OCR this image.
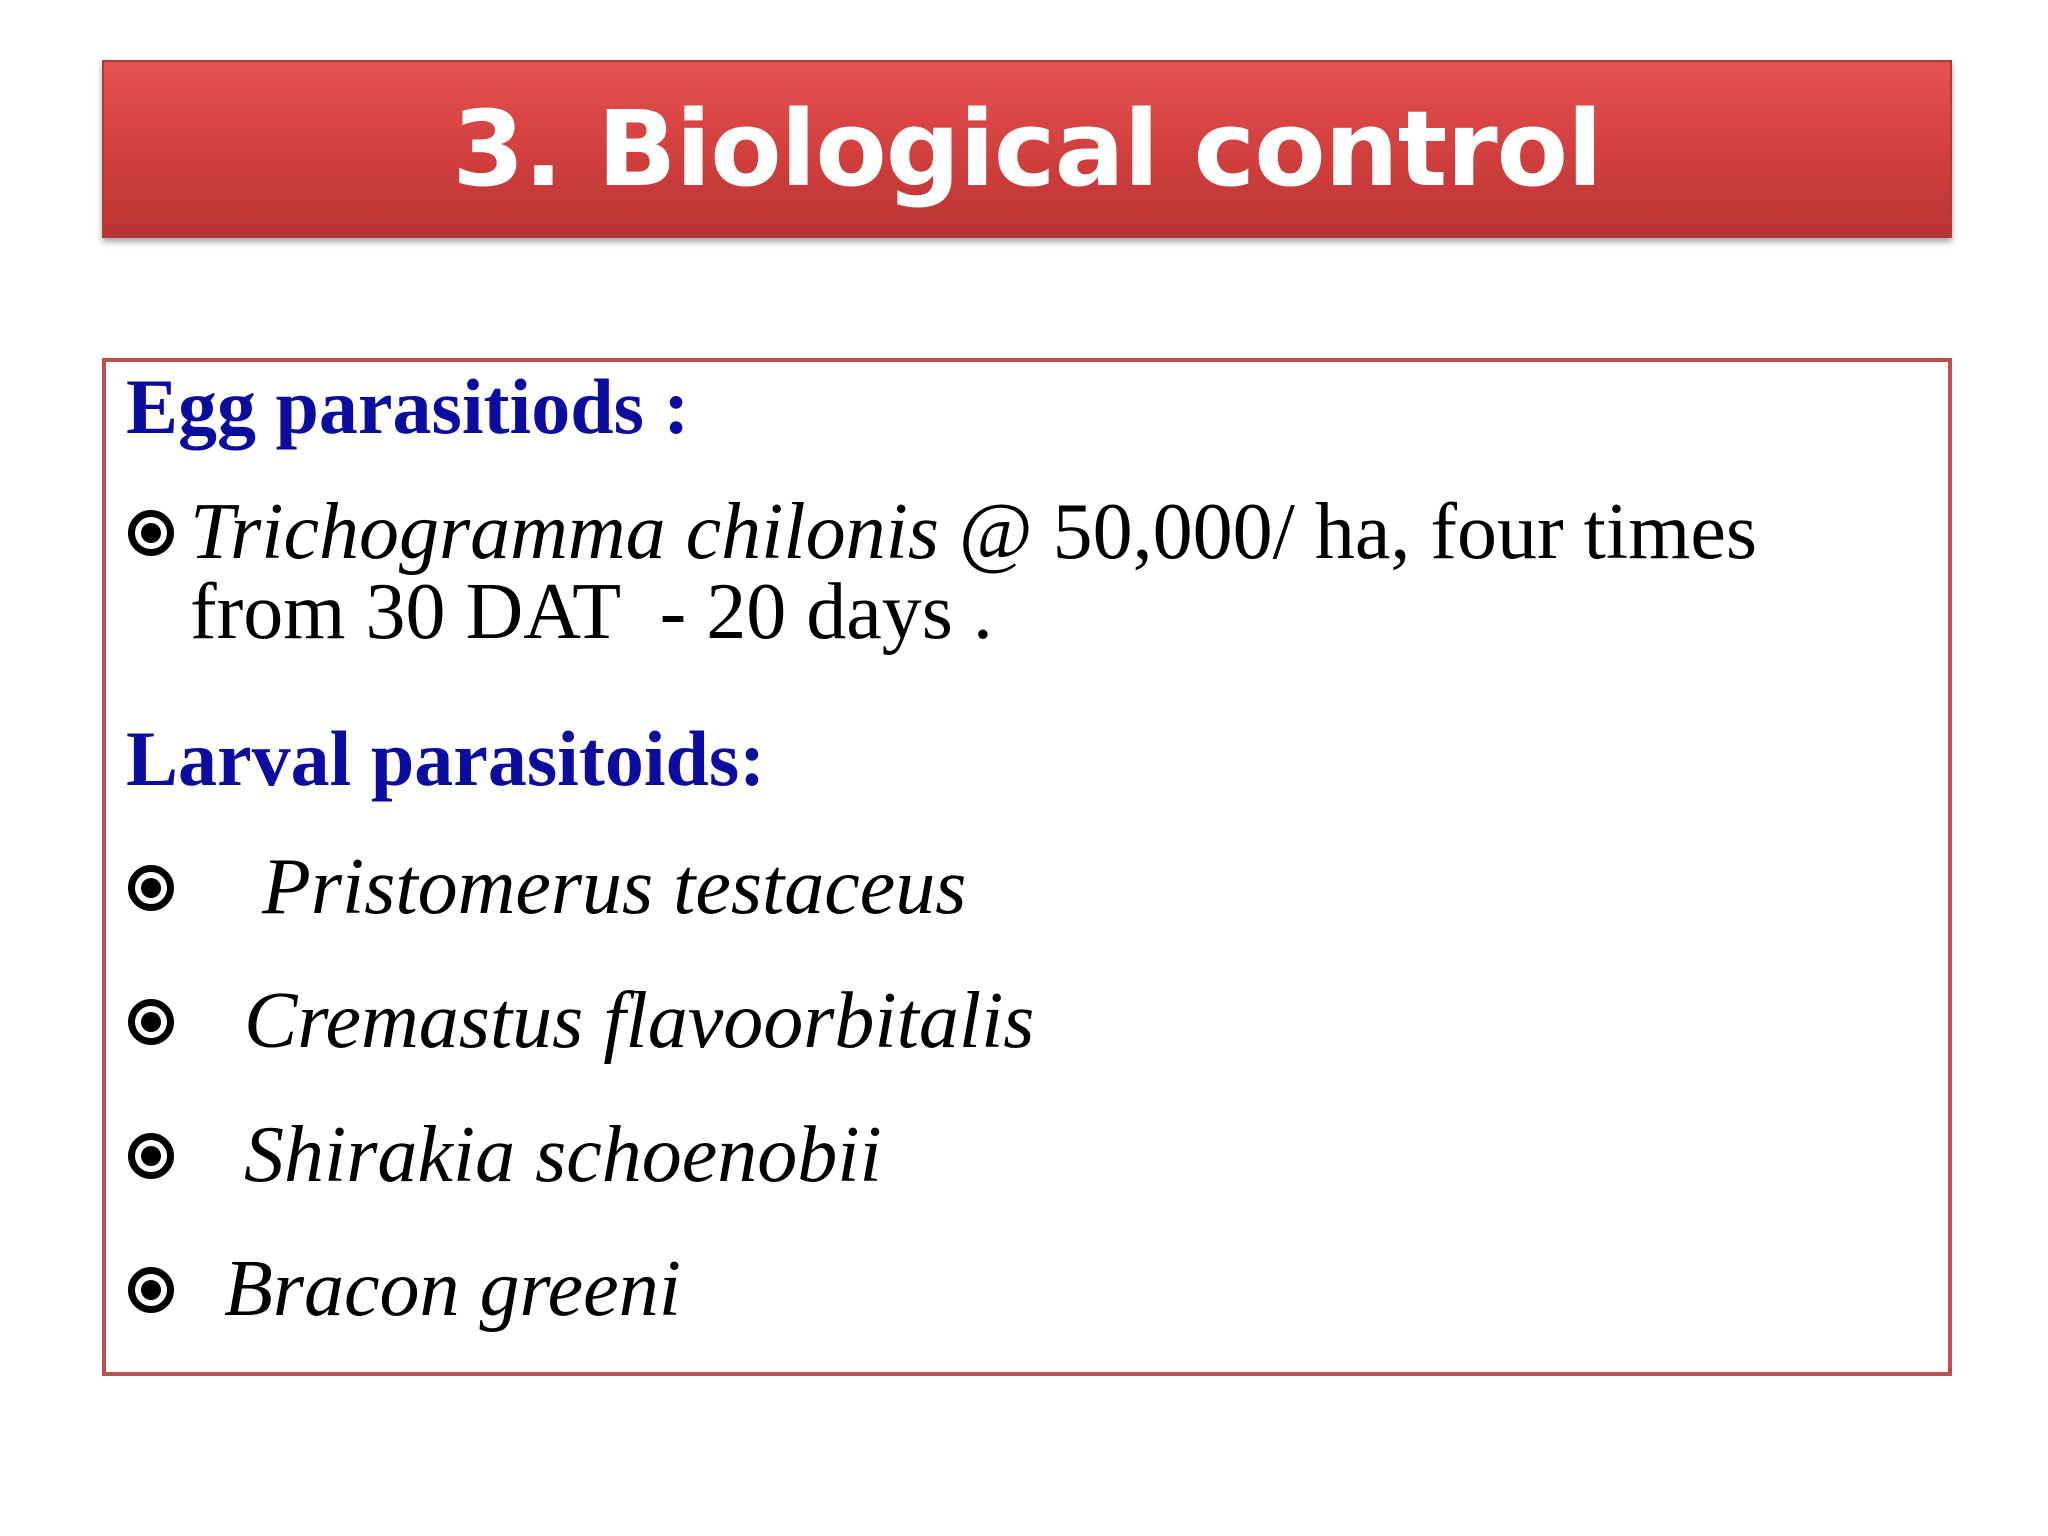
3. Biological control
Egg parasitiods :
Trichogramma chilonis @ 50,000/ ha, four times
from 30 DAT  - 20 days .
Larval parasitoids:
Pristomerus testaceus
Cremastus flavoorbitalis
Shirakia schoenobii
Bracon greeni
